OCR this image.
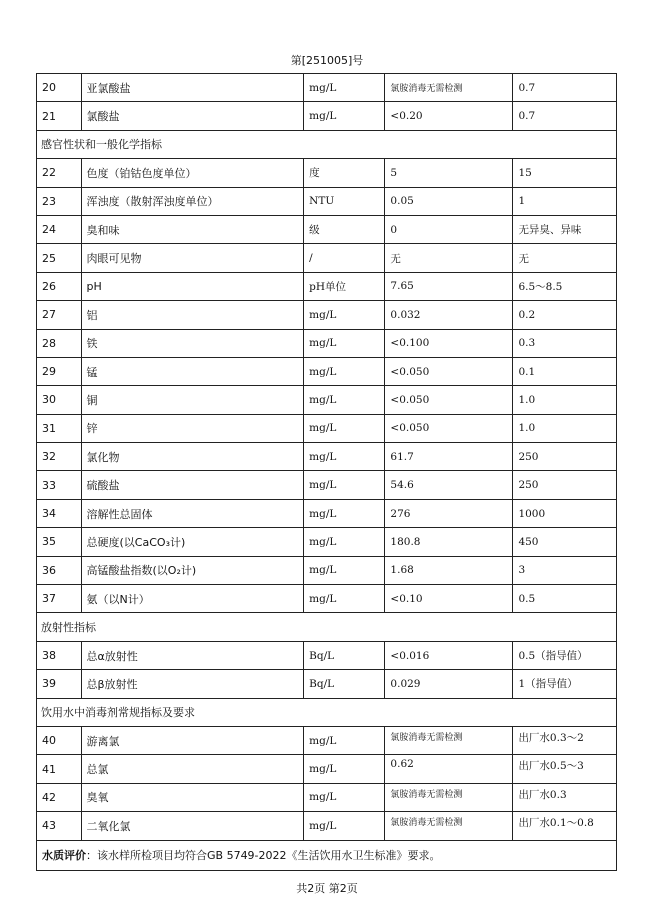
第[251005]号
20	亚氯酸盐	mg/L	氯胺消毒无需检测	0.7
21	氯酸盐	mg/L	<0.20	0.7
感官性状和一般化学指标				
22	色度（铂钴色度单位）	度	5	15
23	浑浊度（散射浑浊度单位）	NTU	0.05	1
24	臭和味	级	0	无异臭、异味
25	肉眼可见物	/	无	无
26	pH	pH单位	7.65	6.5～8.5
27	铝	mg/L	0.032	0.2
28	铁	mg/L	<0.100	0.3
29	锰	mg/L	<0.050	0.1
30	铜	mg/L	<0.050	1.0
31	锌	mg/L	<0.050	1.0
32	氯化物	mg/L	61.7	250
33	硫酸盐	mg/L	54.6	250
34	溶解性总固体	mg/L	276	1000
35	总硬度(以CaCO₃计)	mg/L	180.8	450
36	高锰酸盐指数(以O₂计)	mg/L	1.68	3
37	氨（以N计）	mg/L	<0.10	0.5
放射性指标				
38	总α放射性	Bq/L	<0.016	0.5（指导值）
39	总β放射性	Bq/L	0.029	1（指导值）
饮用水中消毒剂常规指标及要求				
40	游离氯	mg/L	氯胺消毒无需检测	出厂水0.3～2
41	总氯	mg/L	0.62	出厂水0.5～3
42	臭氧	mg/L	氯胺消毒无需检测	出厂水0.3
43	二氧化氯	mg/L	氯胺消毒无需检测	出厂水0.1～0.8
水质评价：该水样所检项目均符合GB 5749-2022《生活饮用水卫生标准》要求。				
共2页 第2页
